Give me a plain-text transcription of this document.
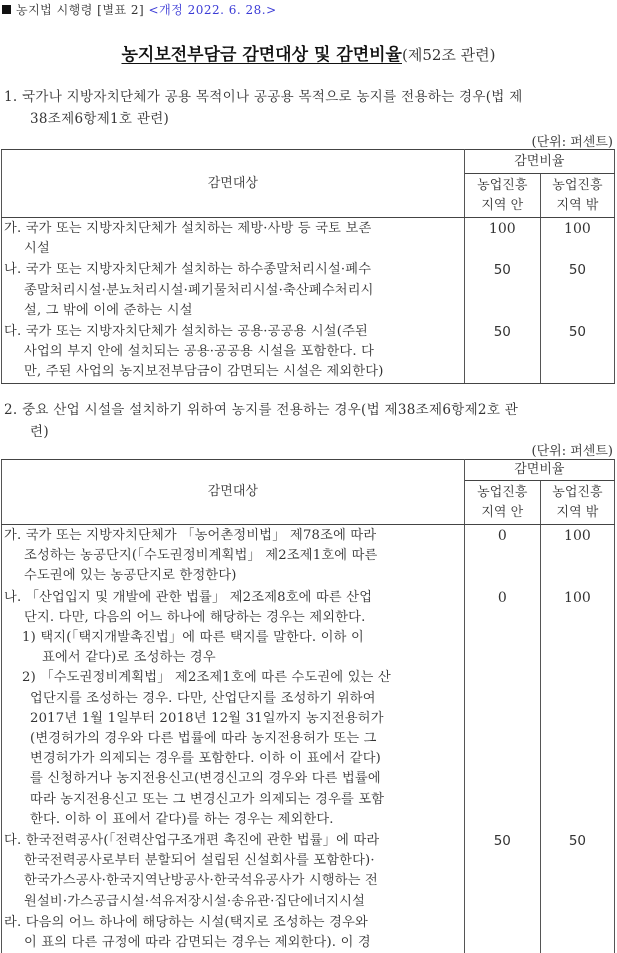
농지법 시행령 [별표 2] <개정 2022. 6. 28.>
농지보전부담금 감면대상 및 감면비율(제52조 관련)
1. 국가나 지방자치단체가 공용 목적이나 공공용 목적으로 농지를 전용하는 경우(법 제
38조제6항제1호 관련)
(단위: 퍼센트)
감면대상	감면비율	

농업진흥
지역 안

농업진흥
지역 밖

가. 국가 또는 지방자치단체가 설치하는 제방·사방 등 국토 보존
시설	100	100

나. 국가 또는 지방자치단체가 설치하는 하수종말처리시설·폐수
종말처리시설·분뇨처리시설·폐기물처리시설·축산폐수처리시
설, 그 밖에 이에 준하는 시설	50	50

다. 국가 또는 지방자치단체가 설치하는 공용·공공용 시설(주된
사업의 부지 안에 설치되는 공용·공공용 시설을 포함한다. 다
만, 주된 사업의 농지보전부담금이 감면되는 시설은 제외한다)	50	50
2. 중요 산업 시설을 설치하기 위하여 농지를 전용하는 경우(법 제38조제6항제2호 관
련)
(단위: 퍼센트)
감면대상	감면비율	

농업진흥
지역 안

농업진흥
지역 밖

가. 국가 또는 지방자치단체가 「농어촌정비법」 제78조에 따라
조성하는 농공단지(「수도권정비계획법」 제2조제1호에 따른
수도권에 있는 농공단지로 한정한다)	0	100

나. 「산업입지 및 개발에 관한 법률」 제2조제8호에 따른 산업
단지. 다만, 다음의 어느 하나에 해당하는 경우는 제외한다.
1) 택지(「택지개발촉진법」에 따른 택지를 말한다. 이하 이
표에서 같다)로 조성하는 경우
2) 「수도권정비계획법」 제2조제1호에 따른 수도권에 있는 산
업단지를 조성하는 경우. 다만, 산업단지를 조성하기 위하여
2017년 1월 1일부터 2018년 12월 31일까지 농지전용허가
(변경허가의 경우와 다른 법률에 따라 농지전용허가 또는 그
변경허가가 의제되는 경우를 포함한다. 이하 이 표에서 같다)
를 신청하거나 농지전용신고(변경신고의 경우와 다른 법률에
따라 농지전용신고 또는 그 변경신고가 의제되는 경우를 포함
한다. 이하 이 표에서 같다)를 하는 경우는 제외한다.
	0	100

다. 한국전력공사(「전력산업구조개편 촉진에 관한 법률」에 따라
한국전력공사로부터 분할되어 설립된 신설회사를 포함한다)·
한국가스공사·한국지역난방공사·한국석유공사가 시행하는 전
원설비·가스공급시설·석유저장시설·송유관·집단에너지시설	50	50

라. 다음의 어느 하나에 해당하는 시설(택지로 조성하는 경우와
이 표의 다른 규정에 따라 감면되는 경우는 제외한다). 이 경		
